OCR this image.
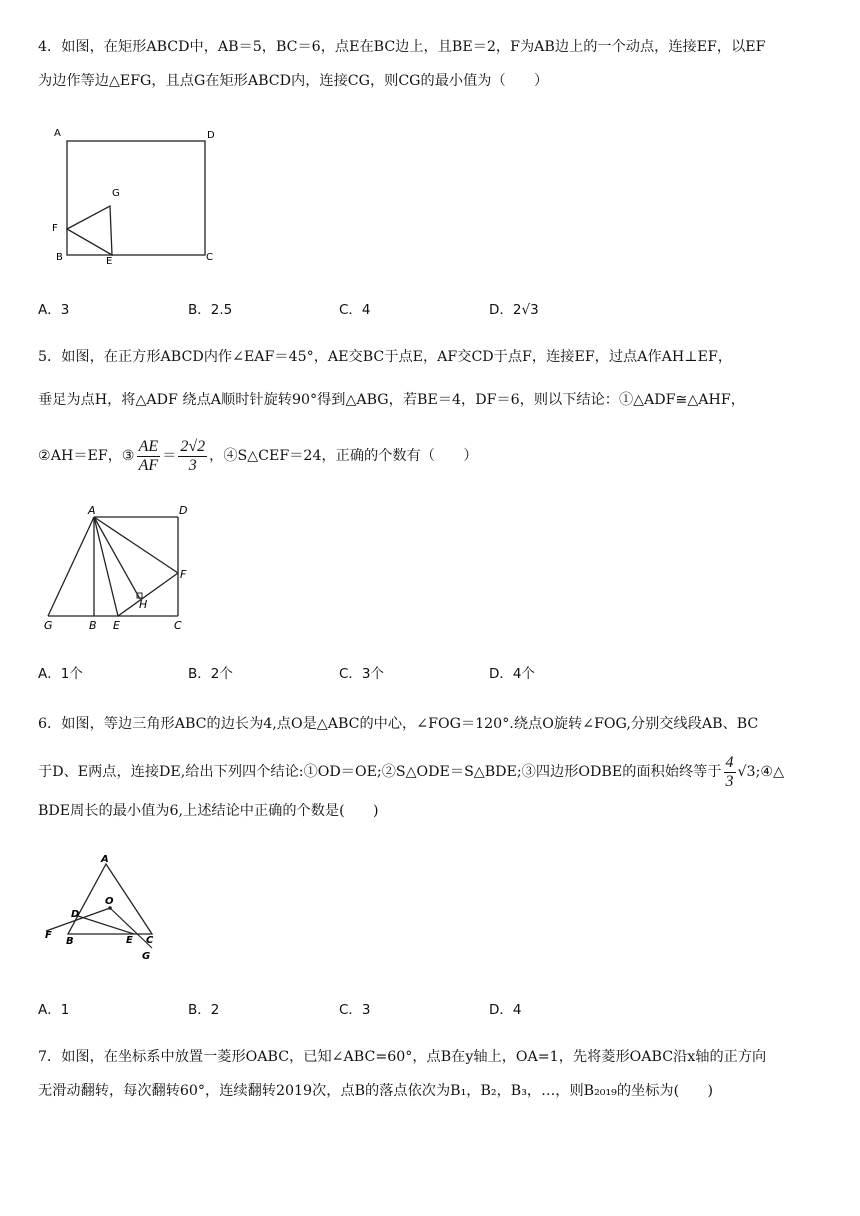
4．如图，在矩形ABCD中，AB＝5，BC＝6，点E在BC边上，且BE＝2，F为AB边上的一个动点，连接EF，以EF
为边作等边△EFG，且点G在矩形ABCD内，连接CG，则CG的最小值为（　　）
A	D
G
F
B	E	C
A．3	B．2.5	C．4	D．2√3
5．如图，在正方形ABCD内作∠EAF＝45°，AE交BC于点E，AF交CD于点F，连接EF，过点A作AH⊥EF，
垂足为点H，将△ADF 绕点A顺时针旋转90°得到△ABG，若BE＝4，DF＝6，则以下结论：①△ADF≅△AHF，
②AH＝EF，③ $\frac{AE}{AF} = \frac{2√2}{3}$ ，④S△CEF＝24，正确的个数有（　　）
A	D
F
H
G	B E	C
A．1个	B．2个	C．3个	D．4个
6．如图，等边三角形ABC的边长为4,点O是△ABC的中心，∠FOG＝120°.绕点O旋转∠FOG,分别交线段AB、BC
于D、E两点，连接DE,给出下列四个结论:①OD＝OE;②S△ODE＝S△BDE;③四边形ODBE的面积始终等于 $\frac{4}{3}$ √3;④△
BDE周长的最小值为6,上述结论中正确的个数是(　　)
A
O
D
F
B	E C
G
A．1	B．2	C．3	D．4
7．如图，在坐标系中放置一菱形OABC，已知∠ABC=60°，点B在y轴上，OA=1，先将菱形OABC沿x轴的正方向
无滑动翻转，每次翻转60°，连续翻转2019次，点B的落点依次为B₁，B₂，B₃，…，则B₂₀₁₉的坐标为(　　)
